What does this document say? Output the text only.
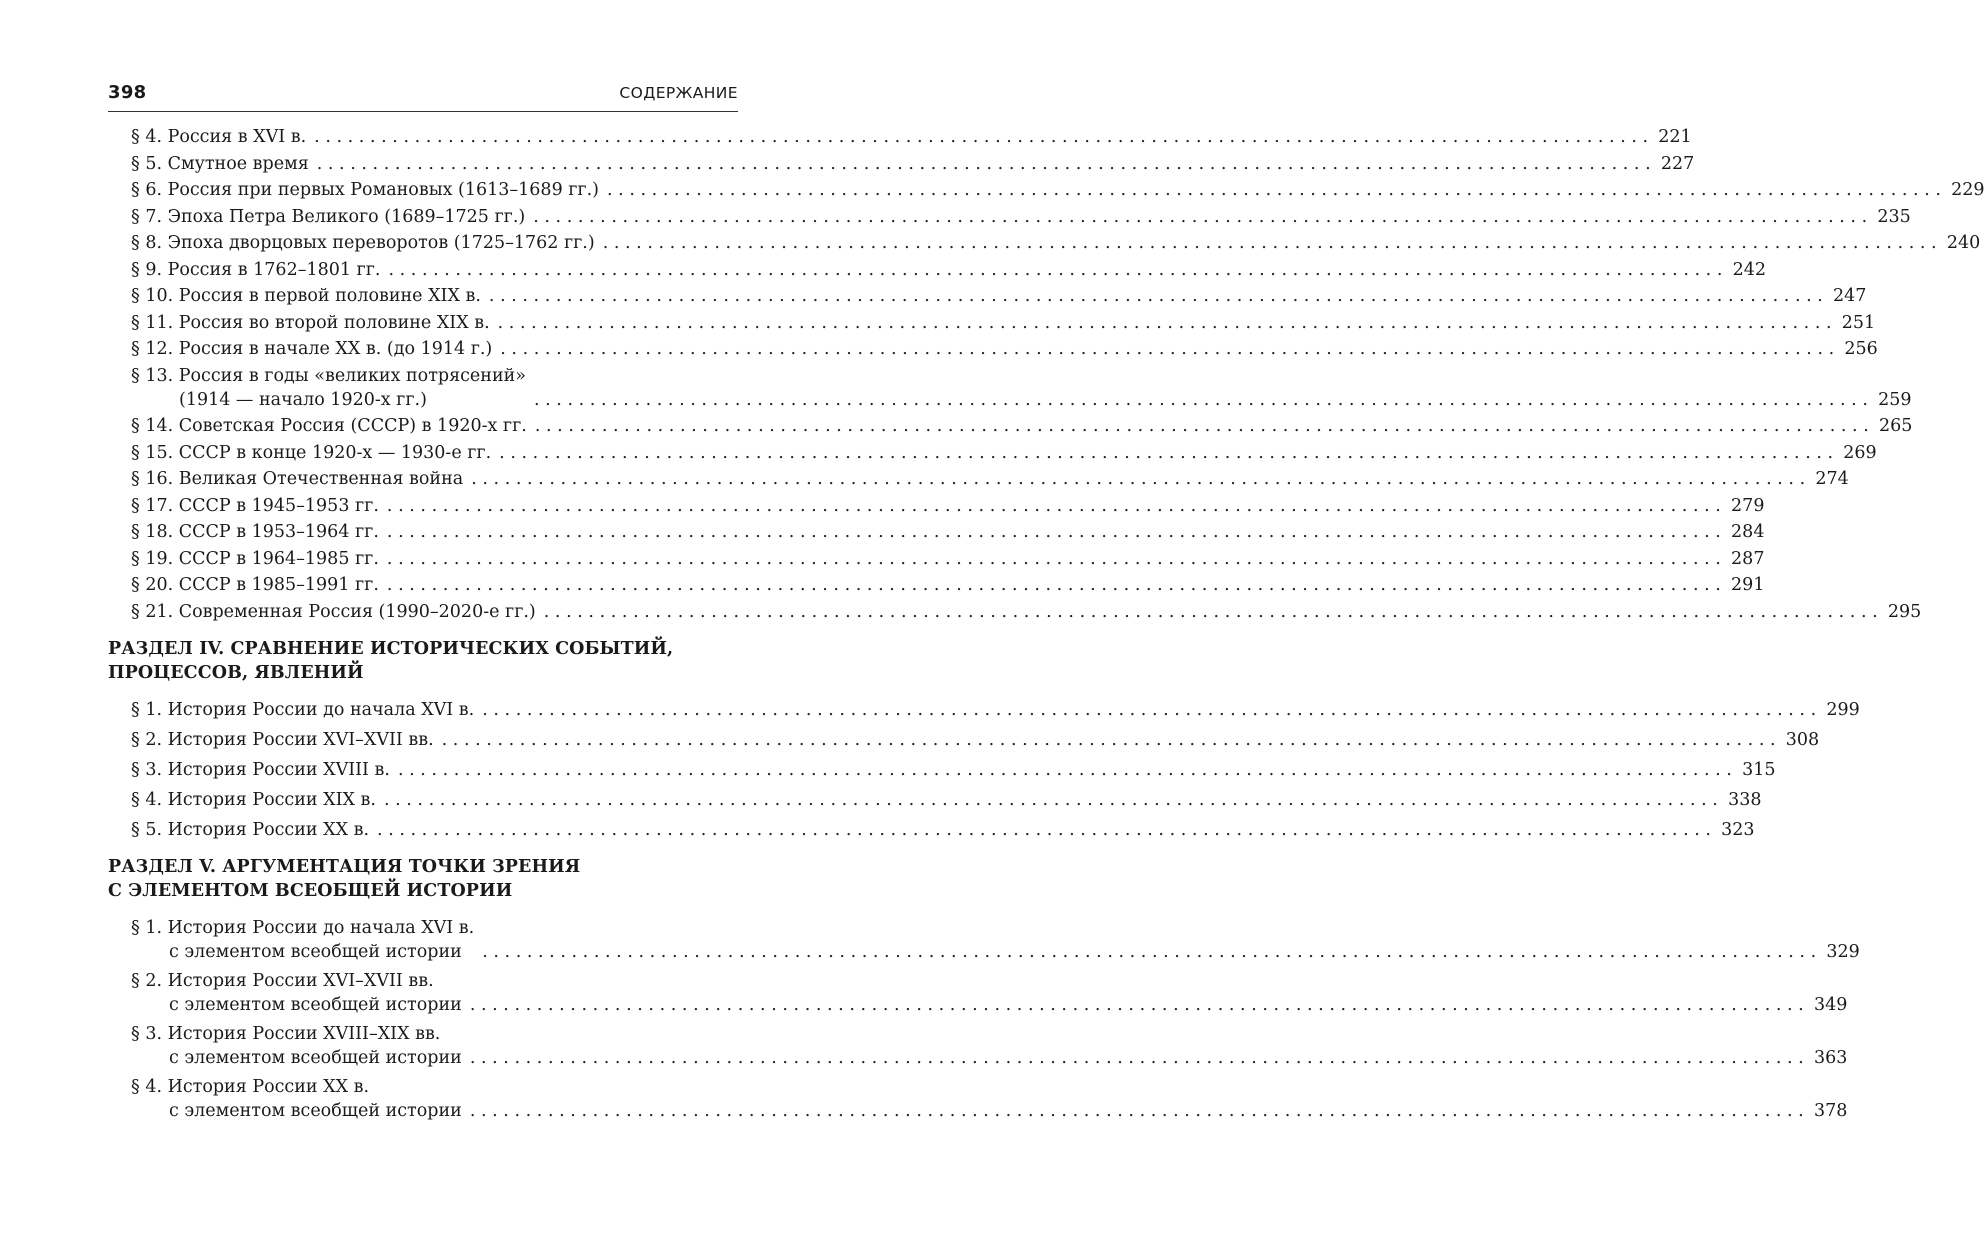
398	СОДЕРЖАНИЕ
§ 4. Россия в XVI в. ........................................................................................................................ 221
§ 5. Смутное время ........................................................................................................................ 227
§ 6. Россия при первых Романовых (1613–1689 гг.) ........................................................................................................................ 229
§ 7. Эпоха Петра Великого (1689–1725 гг.) ........................................................................................................................ 235
§ 8. Эпоха дворцовых переворотов (1725–1762 гг.) ........................................................................................................................ 240
§ 9. Россия в 1762–1801 гг. ........................................................................................................................ 242
§ 10. Россия в первой половине XIX в. ........................................................................................................................ 247
§ 11. Россия во второй половине XIX в. ........................................................................................................................ 251
§ 12. Россия в начале XX в. (до 1914 г.) ........................................................................................................................ 256
§ 13. Россия в годы «великих потрясений»
(1914 — начало 1920-х гг.)	........................................................................................................................ 259
§ 14. Советская Россия (СССР) в 1920-х гг. ........................................................................................................................ 265
§ 15. СССР в конце 1920-х — 1930-е гг. ........................................................................................................................ 269
§ 16. Великая Отечественная война ........................................................................................................................ 274
§ 17. СССР в 1945–1953 гг. ........................................................................................................................ 279
§ 18. СССР в 1953–1964 гг. ........................................................................................................................ 284
§ 19. СССР в 1964–1985 гг. ........................................................................................................................ 287
§ 20. СССР в 1985–1991 гг. ........................................................................................................................ 291
§ 21. Современная Россия (1990–2020-е гг.) ........................................................................................................................ 295
РАЗДЕЛ IV. СРАВНЕНИЕ ИСТОРИЧЕСКИХ СОБЫТИЙ,
ПРОЦЕССОВ, ЯВЛЕНИЙ
§ 1. История России до начала XVI в. ........................................................................................................................ 299
§ 2. История России XVI–XVII вв. ........................................................................................................................ 308
§ 3. История России XVIII в. ........................................................................................................................ 315
§ 4. История России XIX в. ........................................................................................................................ 338
§ 5. История России XX в. ........................................................................................................................ 323
РАЗДЕЛ V. АРГУМЕНТАЦИЯ ТОЧКИ ЗРЕНИЯ
С ЭЛЕМЕНТОМ ВСЕОБЩЕЙ ИСТОРИИ
§ 1. История России до начала XVI в.
с элементом всеобщей истории	........................................................................................................................ 329
§ 2. История России XVI–XVII вв.
с элементом всеобщей истории ........................................................................................................................ 349
§ 3. История России XVIII–XIX вв.
с элементом всеобщей истории ........................................................................................................................ 363
§ 4. История России XX в.
с элементом всеобщей истории ........................................................................................................................ 378
